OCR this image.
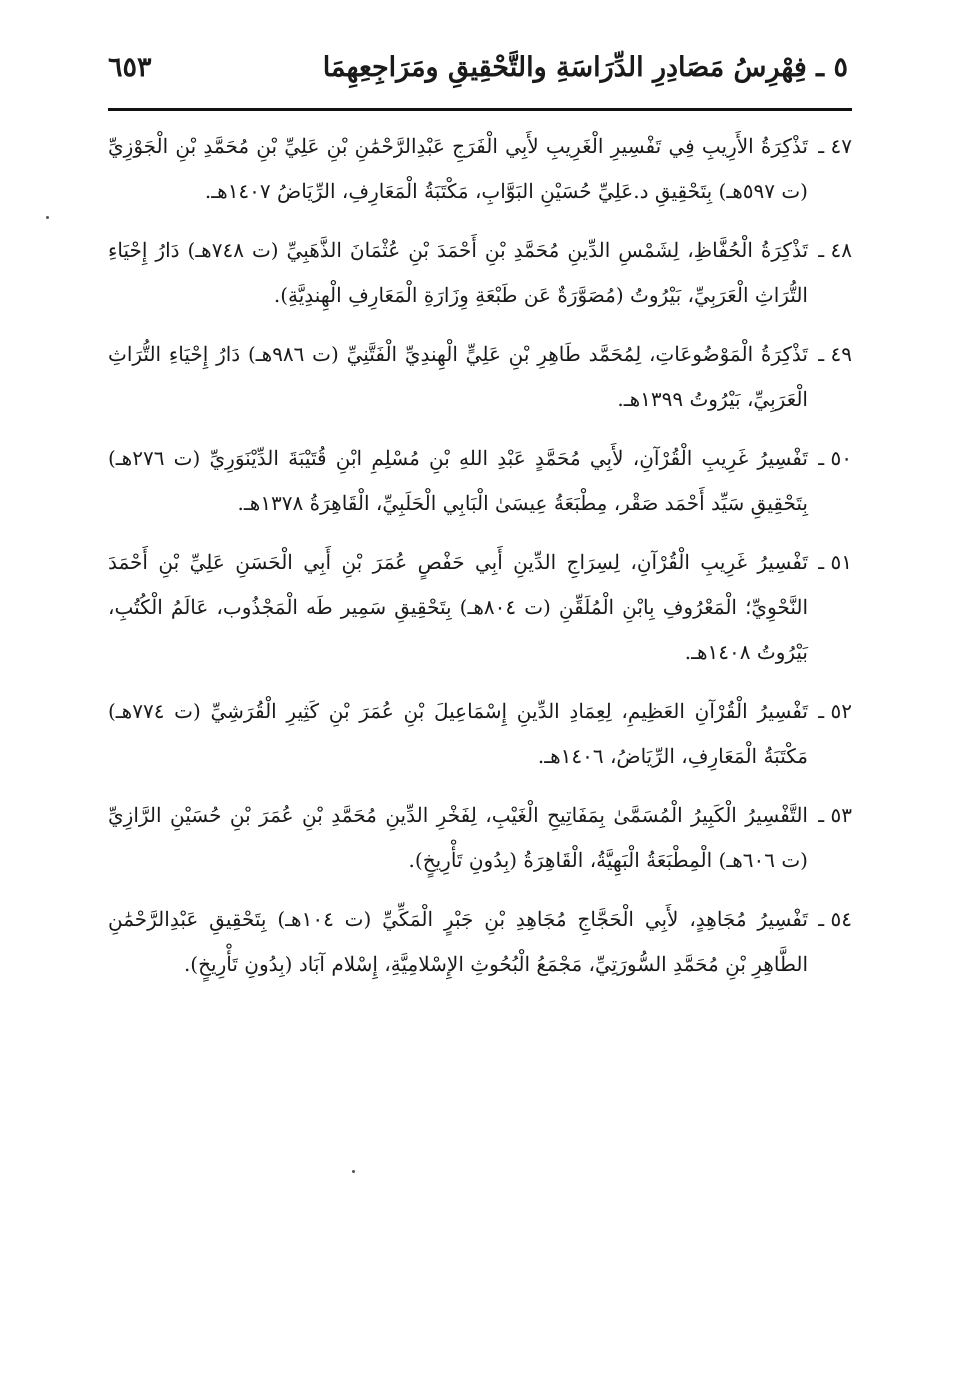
٥ ـ فِهْرِسُ مَصَادِرِ الدِّرَاسَةِ والتَّحْقِيقِ ومَرَاجِعِهِمَا
٦٥٣
٤٧ ـ
تَذْكِرَةُ الأَرِيبِ فِي تَفْسِيرِ الْغَرِيبِ لأَبِي الْفَرَجِ عَبْدِالرَّحْمَٰنِ بْنِ عَلِيِّ بْنِ مُحَمَّدِ بْنِ الْجَوْزِيِّ (ت ٥٩٧هـ) بِتَحْقِيقِ د.عَلِيِّ حُسَيْنِ البَوَّابِ، مَكْتَبَةُ الْمَعَارِفِ، الرِّيَاضُ ١٤٠٧هـ.
٤٨ ـ
تَذْكِرَةُ الْحُفَّاظِ، لِشَمْسِ الدِّينِ مُحَمَّدِ بْنِ أَحْمَدَ بْنِ عُثْمَانَ الذَّهَبِيِّ (ت ٧٤٨هـ) دَارُ إِحْيَاءِ التُّرَاثِ الْعَرَبِيِّ، بَيْرُوتُ (مُصَوَّرَةٌ عَن طَبْعَةِ وِزَارَةِ الْمَعَارِفِ الْهِندِيَّةِ).
٤٩ ـ
تَذْكِرَةُ الْمَوْضُوعَاتِ، لِمُحَمَّد طَاهِرِ بْنِ عَلِيٍّ الْهِندِيِّ الْفَتَّنِيِّ (ت ٩٨٦هـ) دَارُ إِحْيَاءِ التُّرَاثِ الْعَرَبِيِّ، بَيْرُوتُ ١٣٩٩هـ.
٥٠ ـ
تَفْسِيرُ غَرِيبِ الْقُرْآنِ، لأَبِي مُحَمَّدٍ عَبْدِ اللهِ بْنِ مُسْلِمِ ابْنِ قُتَيْبَةَ الدِّيْنَوَرِيِّ (ت ٢٧٦هـ) بِتَحْقِيقِ سَيِّد أَحْمَد صَقْر، مِطْبَعَةُ عِيسَىٰ الْبَابِي الْحَلَبِيِّ، الْقَاهِرَةُ ١٣٧٨هـ.
٥١ ـ
تَفْسِيرُ غَرِيبِ الْقُرْآنِ، لِسِرَاجِ الدِّينِ أَبِي حَفْصٍ عُمَرَ بْنِ أَبِي الْحَسَنِ عَلِيِّ بْنِ أَحْمَدَ النَّحْوِيِّ؛ الْمَعْرُوفِ بِابْنِ الْمُلَقِّنِ (ت ٨٠٤هـ) بِتَحْقِيقِ سَمِير طَه الْمَجْذُوب، عَالَمُ الْكُتُبِ، بَيْرُوتُ ١٤٠٨هـ.
٥٢ ـ
تَفْسِيرُ الْقُرْآنِ العَظِيمِ، لِعِمَادِ الدِّينِ إِسْمَاعِيلَ بْنِ عُمَرَ بْنِ كَثِيرِ الْقُرَشِيِّ (ت ٧٧٤هـ) مَكْتَبَةُ الْمَعَارِفِ، الرِّيَاضُ، ١٤٠٦هـ.
٥٣ ـ
التَّفْسِيرُ الْكَبِيرُ الْمُسَمَّىٰ بِمَفَاتِيحِ الْغَيْبِ، لِفَخْرِ الدِّينِ مُحَمَّدِ بْنِ عُمَرَ بْنِ حُسَيْنِ الرَّازِيِّ (ت ٦٠٦هـ) الْمِطْبَعَةُ الْبَهِيَّةُ، الْقَاهِرَةُ (بِدُونِ تَأْرِيخٍ).
٥٤ ـ
تَفْسِيرُ مُجَاهِدٍ، لأَبِي الْحَجَّاجِ مُجَاهِدِ بْنِ جَبْرٍ الْمَكِّيِّ (ت ١٠٤هـ) بِتَحْقِيقِ عَبْدِالرَّحْمَٰنِ الطَّاهِرِ بْنِ مُحَمَّدِ السُّورَتِيِّ، مَجْمَعُ الْبُحُوثِ الإِسْلامِيَّةِ، إِسْلام آبَاد (بِدُونِ تَأْرِيخٍ).
